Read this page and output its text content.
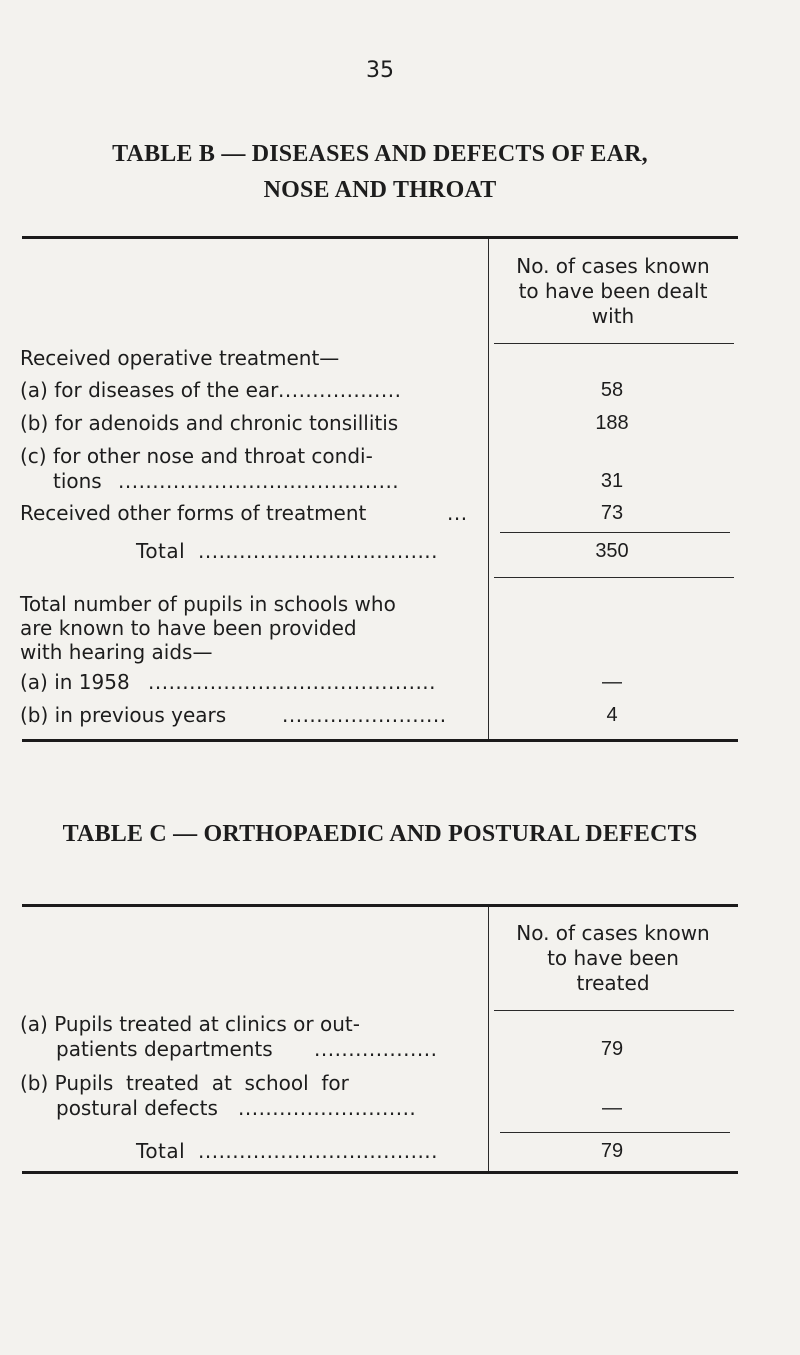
35
TABLE B — DISEASES AND DEFECTS OF EAR,
NOSE AND THROAT
No. of cases known
to have been dealt
with
Received operative treatment—
(a) for diseases of the ear ..................	58
(b) for adenoids and chronic tonsillitis	188
(c) for other nose and throat condi-
tions .........................................	31
Received other forms of treatment	...	73
Total ...................................	350
Total number of pupils in schools who
are known to have been provided
with hearing aids—
(a) in 1958 ..........................................	—
(b) in previous years	........................	4
TABLE C — ORTHOPAEDIC AND POSTURAL DEFECTS
No. of cases known
to have been
treated
(a) Pupils treated at clinics or out-
patients departments ..................	79
(b) Pupils  treated  at  school  for
postural defects ..........................	—
Total ...................................	79
